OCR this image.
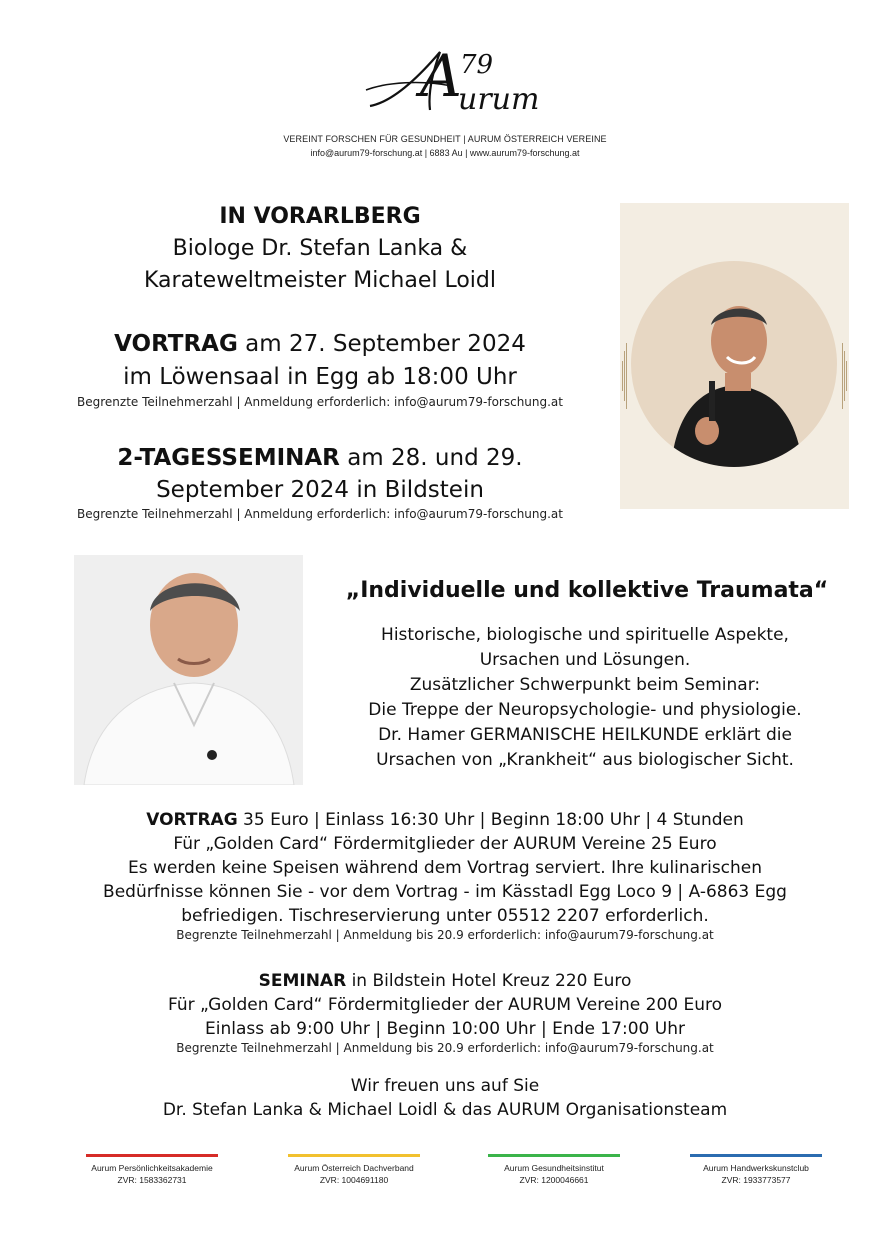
A
79
urum
VEREINT FORSCHEN FÜR GESUNDHEIT | AURUM ÖSTERREICH VEREINE
info@aurum79-forschung.at | 6883 Au | www.aurum79-forschung.at
IN VORARLBERG
Biologe Dr. Stefan Lanka &
Karateweltmeister Michael Loidl
VORTRAG am 27. September 2024
im Löwensaal in Egg ab 18:00 Uhr
Begrenzte Teilnehmerzahl | Anmeldung erforderlich: info@aurum79-forschung.at
2-TAGESSEMINAR am 28. und 29.
September 2024 in Bildstein
Begrenzte Teilnehmerzahl | Anmeldung erforderlich: info@aurum79-forschung.at
„Individuelle und kollektive Traumata“
Historische, biologische und spirituelle Aspekte,
Ursachen und Lösungen.
Zusätzlicher Schwerpunkt beim Seminar:
Die Treppe der Neuropsychologie- und physiologie.
Dr. Hamer GERMANISCHE HEILKUNDE erklärt die
Ursachen von „Krankheit“ aus biologischer Sicht.
VORTRAG 35 Euro | Einlass 16:30 Uhr | Beginn 18:00 Uhr | 4 Stunden
Für „Golden Card“ Fördermitglieder der AURUM Vereine 25 Euro
Es werden keine Speisen während dem Vortrag serviert. Ihre kulinarischen
Bedürfnisse können Sie - vor dem Vortrag - im Kässtadl Egg Loco 9 | A-6863 Egg
befriedigen. Tischreservierung unter 05512 2207 erforderlich.
Begrenzte Teilnehmerzahl | Anmeldung bis 20.9 erforderlich: info@aurum79-forschung.at
SEMINAR in Bildstein Hotel Kreuz 220 Euro
Für „Golden Card“ Fördermitglieder der AURUM Vereine 200 Euro
Einlass ab 9:00 Uhr | Beginn 10:00 Uhr | Ende 17:00 Uhr
Begrenzte Teilnehmerzahl | Anmeldung bis 20.9 erforderlich: info@aurum79-forschung.at
Wir freuen uns auf Sie
Dr. Stefan Lanka & Michael Loidl & das AURUM Organisationsteam
Aurum Persönlichkeitsakademie
ZVR: 1583362731
Aurum Österreich Dachverband
ZVR: 1004691180
Aurum Gesundheitsinstitut
ZVR: 1200046661
Aurum Handwerkskunstclub
ZVR: 1933773577
